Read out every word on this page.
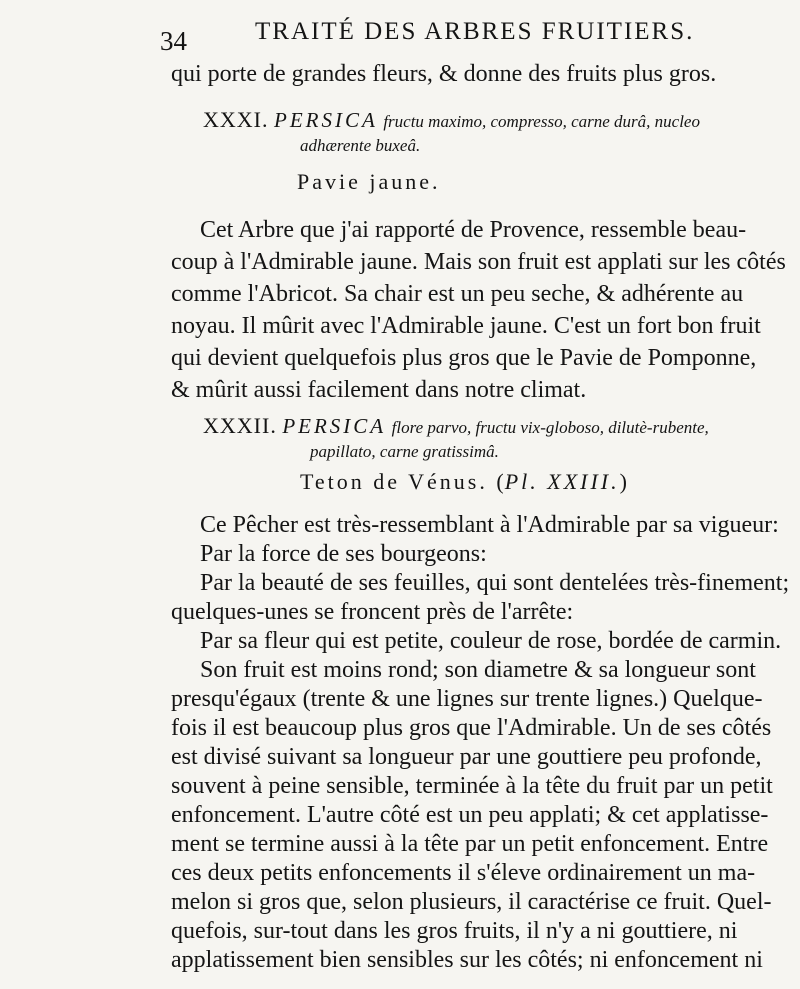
34	TRAITÉ DES ARBRES FRUITIERS.
qui porte de grandes fleurs, & donne des fruits plus gros.
XXXI. PERSICA fructu maximo, compresso, carne durâ, nucleo
adhærente buxeâ.
Pavie jaune.
Cet Arbre que j'ai rapporté de Provence, ressemble beau-
coup à l'Admirable jaune. Mais son fruit est applati sur les côtés
comme l'Abricot. Sa chair est un peu seche, & adhérente au
noyau. Il mûrit avec l'Admirable jaune. C'est un fort bon fruit
qui devient quelquefois plus gros que le Pavie de Pomponne,
& mûrit aussi facilement dans notre climat.
XXXII. PERSICA flore parvo, fructu vix-globoso, dilutè-rubente,
papillato, carne gratissimâ.
Teton de Vénus. (Pl. XXIII.)
Ce Pêcher est très-ressemblant à l'Admirable par sa vigueur:
Par la force de ses bourgeons:
Par la beauté de ses feuilles, qui sont dentelées très-finement;
quelques-unes se froncent près de l'arrête:
Par sa fleur qui est petite, couleur de rose, bordée de carmin.
Son fruit est moins rond; son diametre & sa longueur sont
presqu'égaux (trente & une lignes sur trente lignes.) Quelque-
fois il est beaucoup plus gros que l'Admirable. Un de ses côtés
est divisé suivant sa longueur par une gouttiere peu profonde,
souvent à peine sensible, terminée à la tête du fruit par un petit
enfoncement. L'autre côté est un peu applati; & cet applatisse-
ment se termine aussi à la tête par un petit enfoncement. Entre
ces deux petits enfoncements il s'éleve ordinairement un ma-
melon si gros que, selon plusieurs, il caractérise ce fruit. Quel-
quefois, sur-tout dans les gros fruits, il n'y a ni gouttiere, ni
applatissement bien sensibles sur les côtés; ni enfoncement ni
